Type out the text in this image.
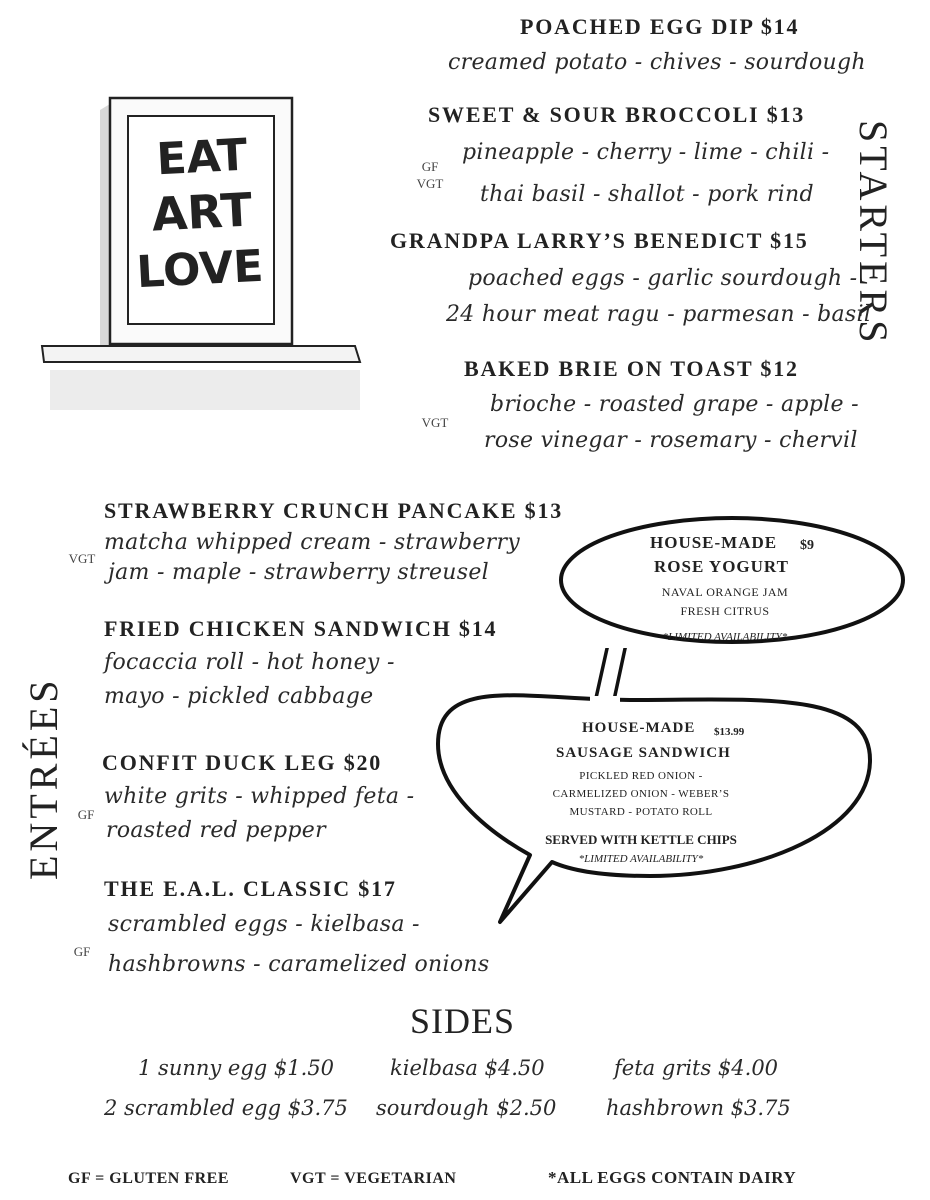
EAT
ART
LOVE	STARTERS
POACHED EGG DIP $14
creamed potato - chives - sourdough
SWEET & SOUR BROCCOLI $13
GF
VGT
pineapple - cherry - lime - chili -
thai basil - shallot - pork rind
GRANDPA LARRY’S BENEDICT $15
poached eggs - garlic sourdough -
24 hour meat ragu - parmesan - basil
BAKED BRIE ON TOAST $12
VGT
brioche - roasted grape - apple -
rose vinegar - rosemary - chervil
ENTRÉES
STRAWBERRY CRUNCH PANCAKE $13
VGT
matcha whipped cream - strawberry
jam - maple - strawberry streusel
FRIED CHICKEN SANDWICH $14
focaccia roll - hot honey -
mayo - pickled cabbage
CONFIT DUCK LEG $20
GF
white grits - whipped feta -
roasted red pepper
THE E.A.L. CLASSIC $17
GF
scrambled eggs - kielbasa -
hashbrowns - caramelized onions
HOUSE-MADE $9
ROSE YOGURT
NAVAL ORANGE JAM
FRESH CITRUS
*LIMITED AVAILABILITY*
HOUSE-MADE $13.99
SAUSAGE SANDWICH
PICKLED RED ONION -
CARMELIZED ONION - WEBER’S
MUSTARD - POTATO ROLL
SERVED WITH KETTLE CHIPS
*LIMITED AVAILABILITY*
SIDES
1 sunny egg $1.50	kielbasa $4.50	feta grits $4.00
2 scrambled egg $3.75 sourdough $2.50 hashbrown $3.75
GF = GLUTEN FREE	VGT = VEGETARIAN	*ALL EGGS CONTAIN DAIRY
